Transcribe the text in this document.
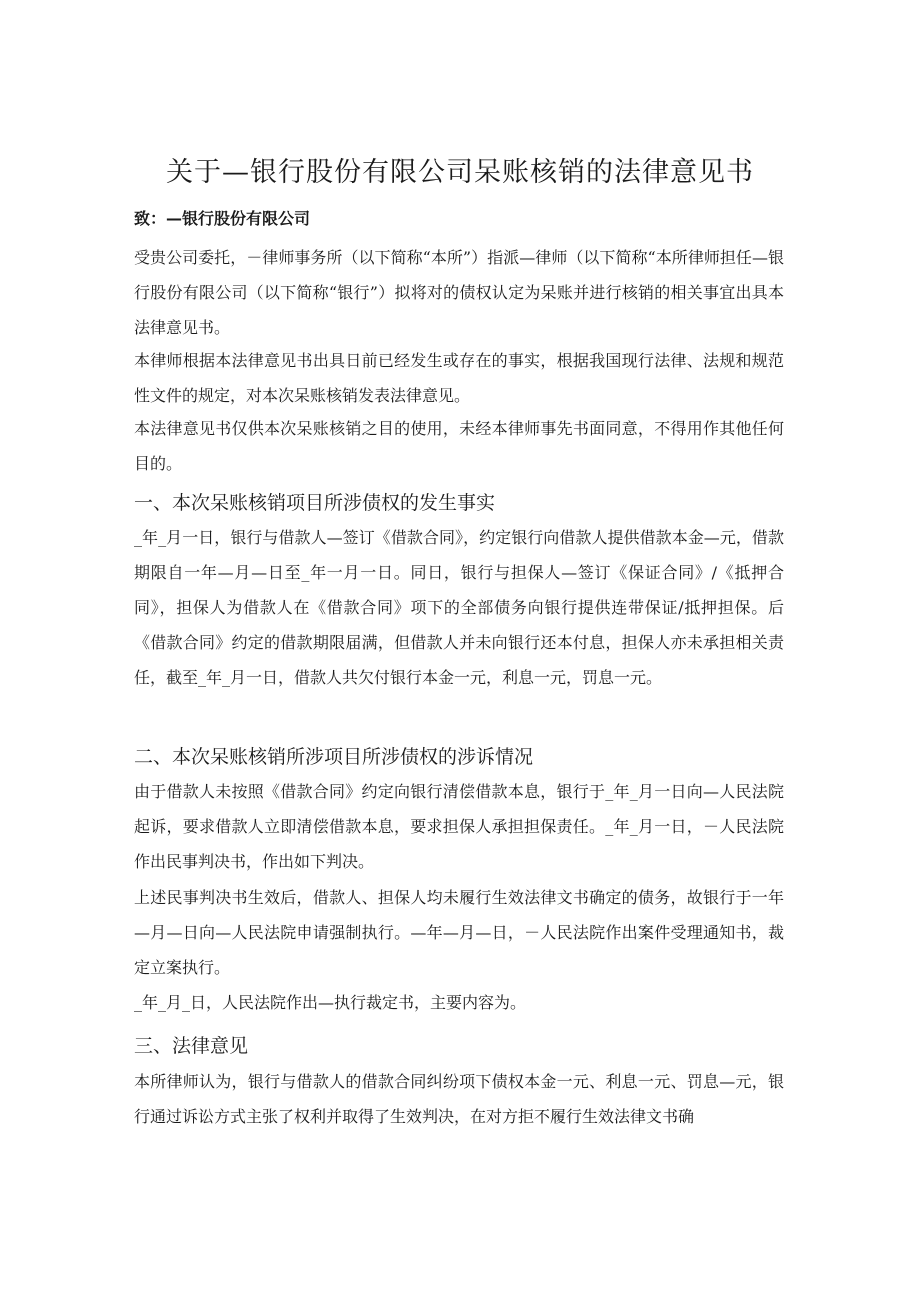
关于—银行股份有限公司呆账核销的法律意见书
致：—银行股份有限公司

受贵公司委托，－律师事务所（以下简称“本所”）指派—律师（以下简称“本所律师担任—银行股份有限公司（以下简称“银行”）拟将对的债权认定为呆账并进行核销的相关事宜出具本法律意见书。

本律师根据本法律意见书出具日前已经发生或存在的事实，根据我国现行法律、法规和规范性文件的规定，对本次呆账核销发表法律意见。

本法律意见书仅供本次呆账核销之目的使用，未经本律师事先书面同意，不得用作其他任何目的。

一、本次呆账核销项目所涉债权的发生事实

_年_月一日，银行与借款人—签订《借款合同》，约定银行向借款人提供借款本金—元，借款期限自一年—月—日至_年一月一日。同日，银行与担保人—签订《保证合同》/《抵押合同》，担保人为借款人在《借款合同》项下的全部债务向银行提供连带保证/抵押担保。后《借款合同》约定的借款期限届满，但借款人并未向银行还本付息，担保人亦未承担相关责任，截至_年_月一日，借款人共欠付银行本金一元，利息一元，罚息一元。

二、本次呆账核销所涉项目所涉债权的涉诉情况

由于借款人未按照《借款合同》约定向银行清偿借款本息，银行于_年_月一日向—人民法院起诉，要求借款人立即清偿借款本息，要求担保人承担担保责任。_年_月一日，－人民法院作出民事判决书，作出如下判决。

上述民事判决书生效后，借款人、担保人均未履行生效法律文书确定的债务，故银行于一年—月—日向—人民法院申请强制执行。—年—月—日，－人民法院作出案件受理通知书，裁定立案执行。

_年_月_日，人民法院作出—执行裁定书，主要内容为。

三、法律意见

本所律师认为，银行与借款人的借款合同纠纷项下债权本金一元、利息一元、罚息—元，银行通过诉讼方式主张了权利并取得了生效判决，在对方拒不履行生效法律文书确
